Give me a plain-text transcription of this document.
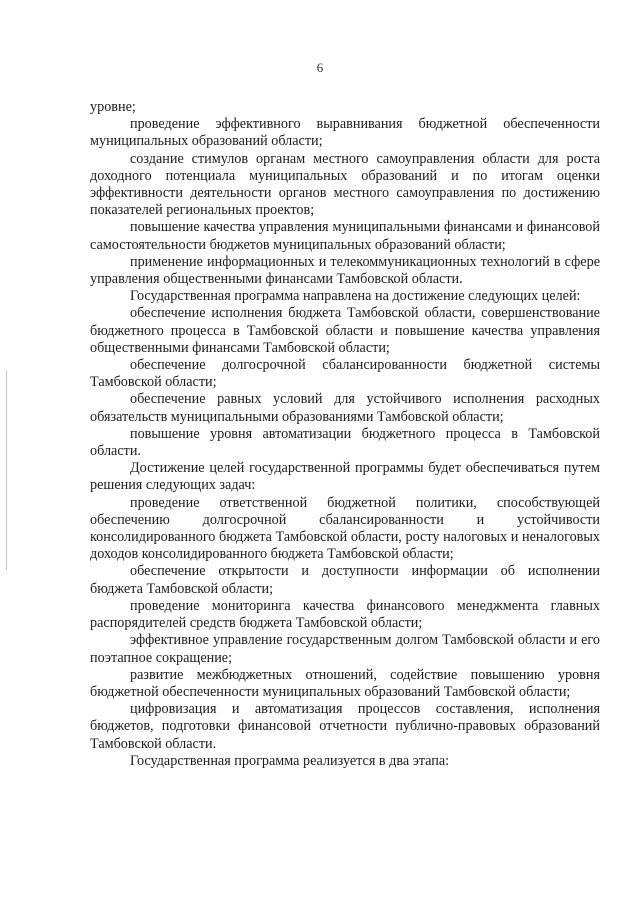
6

уровне;

проведение эффективного выравнивания бюджетной обеспеченности муниципальных образований области;

создание стимулов органам местного самоуправления области для роста доходного потенциала муниципальных образований и по итогам оценки эффективности деятельности органов местного самоуправления по достижению показателей региональных проектов;

повышение качества управления муниципальными финансами и финансовой самостоятельности бюджетов муниципальных образований области;

применение информационных и телекоммуникационных технологий в сфере управления общественными финансами Тамбовской области.

Государственная программа направлена на достижение следующих целей:

обеспечение исполнения бюджета Тамбовской области, совершенствование бюджетного процесса в Тамбовской области и повышение качества управления общественными финансами Тамбовской области;

обеспечение долгосрочной сбалансированности бюджетной системы Тамбовской области;

обеспечение равных условий для устойчивого исполнения расходных обязательств муниципальными образованиями Тамбовской области;

повышение уровня автоматизации бюджетного процесса в Тамбовской области.

Достижение целей государственной программы будет обеспечиваться путем решения следующих задач:

проведение ответственной бюджетной политики, способствующей обеспечению долгосрочной сбалансированности и устойчивости консолидированного бюджета Тамбовской области, росту налоговых и неналоговых доходов консолидированного бюджета Тамбовской области;

обеспечение открытости и доступности информации об исполнении бюджета Тамбовской области;

проведение мониторинга качества финансового менеджмента главных распорядителей средств бюджета Тамбовской области;

эффективное управление государственным долгом Тамбовской области и его поэтапное сокращение;

развитие межбюджетных отношений, содействие повышению уровня бюджетной обеспеченности муниципальных образований Тамбовской области;

цифровизация и автоматизация процессов составления, исполнения бюджетов, подготовки финансовой отчетности публично-правовых образований Тамбовской области.

Государственная программа реализуется в два этапа:
